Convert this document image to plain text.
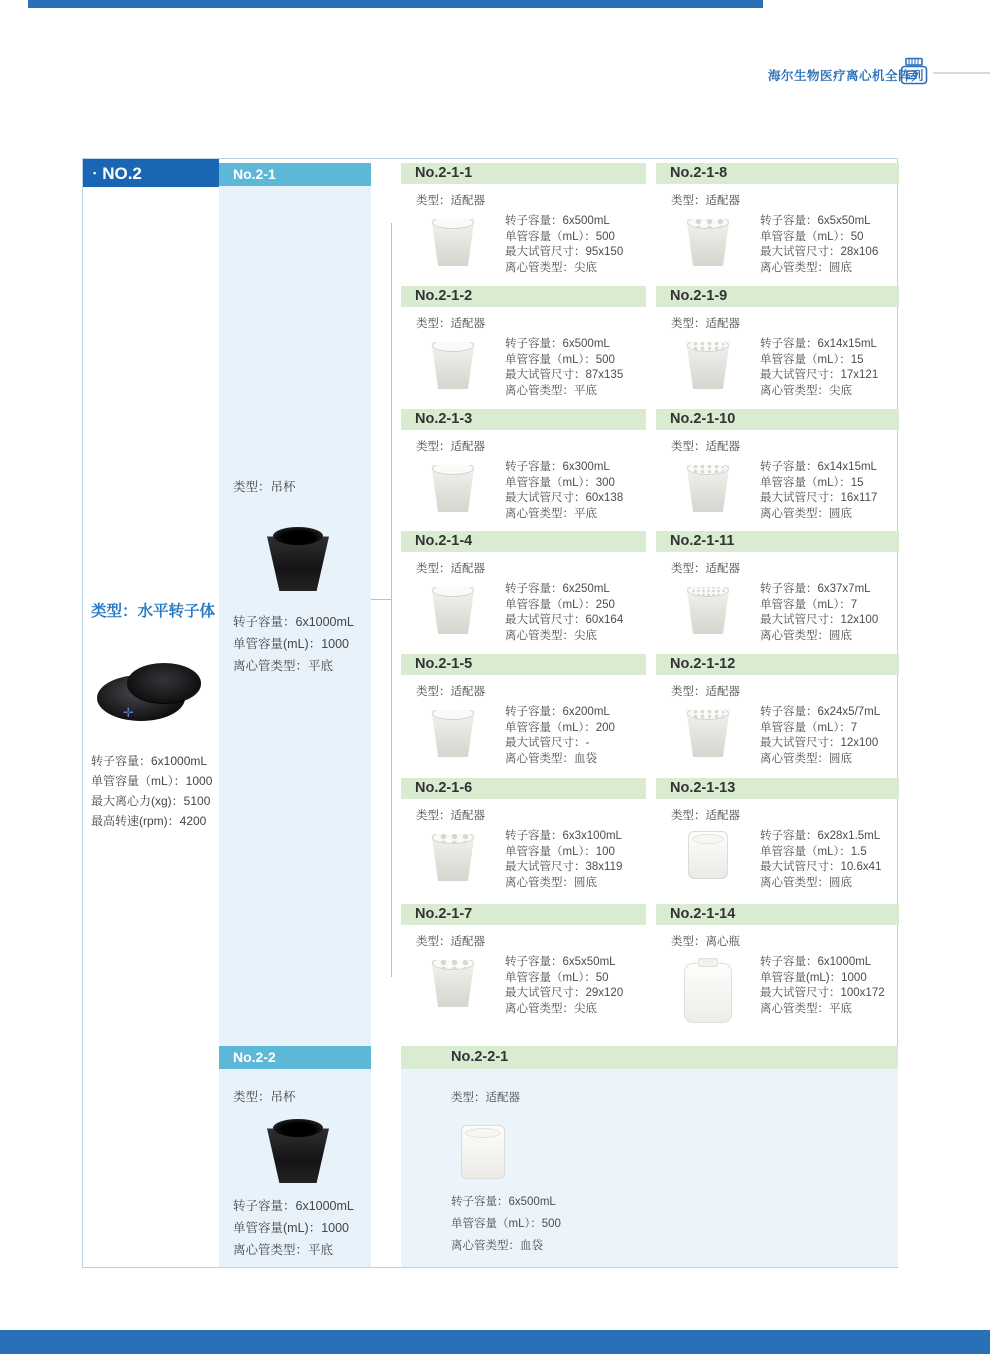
海尔生物医疗离心机全阵列
▪ NO.2
类型：水平转子体
✛
转子容量：6x1000mL
单管容量（mL）：1000
最大离心力(xg)：5100
最高转速(rpm)：4200
No.2-1
类型：吊杯
转子容量：6x1000mL
单管容量(mL)：1000
离心管类型：平底
No.2-2
类型：吊杯
转子容量：6x1000mL
单管容量(mL)：1000
离心管类型：平底
No.2-1-1
类型：适配器
转子容量：6x500mL
单管容量（mL）：500
最大试管尺寸：95x150
离心管类型：尖底
No.2-1-2
类型：适配器
转子容量：6x500mL
单管容量（mL）：500
最大试管尺寸：87x135
离心管类型：平底
No.2-1-3
类型：适配器
转子容量：6x300mL
单管容量（mL）：300
最大试管尺寸：60x138
离心管类型：平底
No.2-1-4
类型：适配器
转子容量：6x250mL
单管容量（mL）：250
最大试管尺寸：60x164
离心管类型：尖底
No.2-1-5
类型：适配器
转子容量：6x200mL
单管容量（mL）：200
最大试管尺寸：-
离心管类型：血袋
No.2-1-6
类型：适配器
转子容量：6x3x100mL
单管容量（mL）：100
最大试管尺寸：38x119
离心管类型：圆底
No.2-1-7
类型：适配器
转子容量：6x5x50mL
单管容量（mL）：50
最大试管尺寸：29x120
离心管类型：尖底
No.2-1-8
类型：适配器
转子容量：6x5x50mL
单管容量（mL）：50
最大试管尺寸：28x106
离心管类型：圆底
No.2-1-9
类型：适配器
转子容量：6x14x15mL
单管容量（mL）：15
最大试管尺寸：17x121
离心管类型：尖底
No.2-1-10
类型：适配器
转子容量：6x14x15mL
单管容量（mL）：15
最大试管尺寸：16x117
离心管类型：圆底
No.2-1-11
类型：适配器
转子容量：6x37x7mL
单管容量（mL）：7
最大试管尺寸：12x100
离心管类型：圆底
No.2-1-12
类型：适配器
转子容量：6x24x5/7mL
单管容量（mL）：7
最大试管尺寸：12x100
离心管类型：圆底
No.2-1-13
类型：适配器
转子容量：6x28x1.5mL
单管容量（mL）：1.5
最大试管尺寸：10.6x41
离心管类型：圆底
No.2-1-14
类型：离心瓶
转子容量：6x1000mL
单管容量(mL)：1000
最大试管尺寸：100x172
离心管类型：平底
No.2-2-1
类型：适配器
转子容量：6x500mL
单管容量（mL）：500
离心管类型：血袋
